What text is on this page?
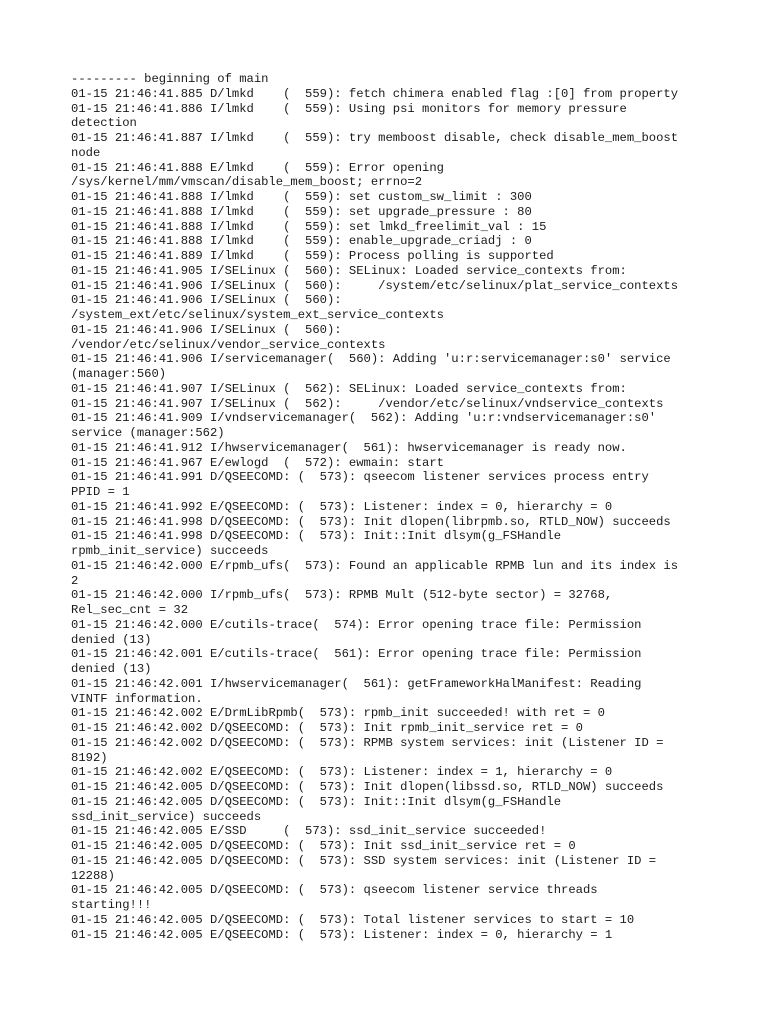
--------- beginning of main
01-15 21:46:41.885 D/lmkd    (  559): fetch chimera enabled flag :[0] from property
01-15 21:46:41.886 I/lmkd    (  559): Using psi monitors for memory pressure
detection
01-15 21:46:41.887 I/lmkd    (  559): try memboost disable, check disable_mem_boost
node
01-15 21:46:41.888 E/lmkd    (  559): Error opening
/sys/kernel/mm/vmscan/disable_mem_boost; errno=2
01-15 21:46:41.888 I/lmkd    (  559): set custom_sw_limit : 300
01-15 21:46:41.888 I/lmkd    (  559): set upgrade_pressure : 80
01-15 21:46:41.888 I/lmkd    (  559): set lmkd_freelimit_val : 15
01-15 21:46:41.888 I/lmkd    (  559): enable_upgrade_criadj : 0
01-15 21:46:41.889 I/lmkd    (  559): Process polling is supported
01-15 21:46:41.905 I/SELinux (  560): SELinux: Loaded service_contexts from:
01-15 21:46:41.906 I/SELinux (  560):     /system/etc/selinux/plat_service_contexts
01-15 21:46:41.906 I/SELinux (  560):
/system_ext/etc/selinux/system_ext_service_contexts
01-15 21:46:41.906 I/SELinux (  560):
/vendor/etc/selinux/vendor_service_contexts
01-15 21:46:41.906 I/servicemanager(  560): Adding 'u:r:servicemanager:s0' service
(manager:560)
01-15 21:46:41.907 I/SELinux (  562): SELinux: Loaded service_contexts from:
01-15 21:46:41.907 I/SELinux (  562):     /vendor/etc/selinux/vndservice_contexts
01-15 21:46:41.909 I/vndservicemanager(  562): Adding 'u:r:vndservicemanager:s0'
service (manager:562)
01-15 21:46:41.912 I/hwservicemanager(  561): hwservicemanager is ready now.
01-15 21:46:41.967 E/ewlogd  (  572): ewmain: start
01-15 21:46:41.991 D/QSEECOMD: (  573): qseecom listener services process entry
PPID = 1
01-15 21:46:41.992 E/QSEECOMD: (  573): Listener: index = 0, hierarchy = 0
01-15 21:46:41.998 D/QSEECOMD: (  573): Init dlopen(librpmb.so, RTLD_NOW) succeeds
01-15 21:46:41.998 D/QSEECOMD: (  573): Init::Init dlsym(g_FSHandle
rpmb_init_service) succeeds
01-15 21:46:42.000 E/rpmb_ufs(  573): Found an applicable RPMB lun and its index is
2
01-15 21:46:42.000 I/rpmb_ufs(  573): RPMB Mult (512-byte sector) = 32768,
Rel_sec_cnt = 32
01-15 21:46:42.000 E/cutils-trace(  574): Error opening trace file: Permission
denied (13)
01-15 21:46:42.001 E/cutils-trace(  561): Error opening trace file: Permission
denied (13)
01-15 21:46:42.001 I/hwservicemanager(  561): getFrameworkHalManifest: Reading
VINTF information.
01-15 21:46:42.002 E/DrmLibRpmb(  573): rpmb_init succeeded! with ret = 0
01-15 21:46:42.002 D/QSEECOMD: (  573): Init rpmb_init_service ret = 0
01-15 21:46:42.002 D/QSEECOMD: (  573): RPMB system services: init (Listener ID =
8192)
01-15 21:46:42.002 E/QSEECOMD: (  573): Listener: index = 1, hierarchy = 0
01-15 21:46:42.005 D/QSEECOMD: (  573): Init dlopen(libssd.so, RTLD_NOW) succeeds
01-15 21:46:42.005 D/QSEECOMD: (  573): Init::Init dlsym(g_FSHandle
ssd_init_service) succeeds
01-15 21:46:42.005 E/SSD     (  573): ssd_init_service succeeded!
01-15 21:46:42.005 D/QSEECOMD: (  573): Init ssd_init_service ret = 0
01-15 21:46:42.005 D/QSEECOMD: (  573): SSD system services: init (Listener ID =
12288)
01-15 21:46:42.005 D/QSEECOMD: (  573): qseecom listener service threads
starting!!!
01-15 21:46:42.005 D/QSEECOMD: (  573): Total listener services to start = 10
01-15 21:46:42.005 E/QSEECOMD: (  573): Listener: index = 0, hierarchy = 1
